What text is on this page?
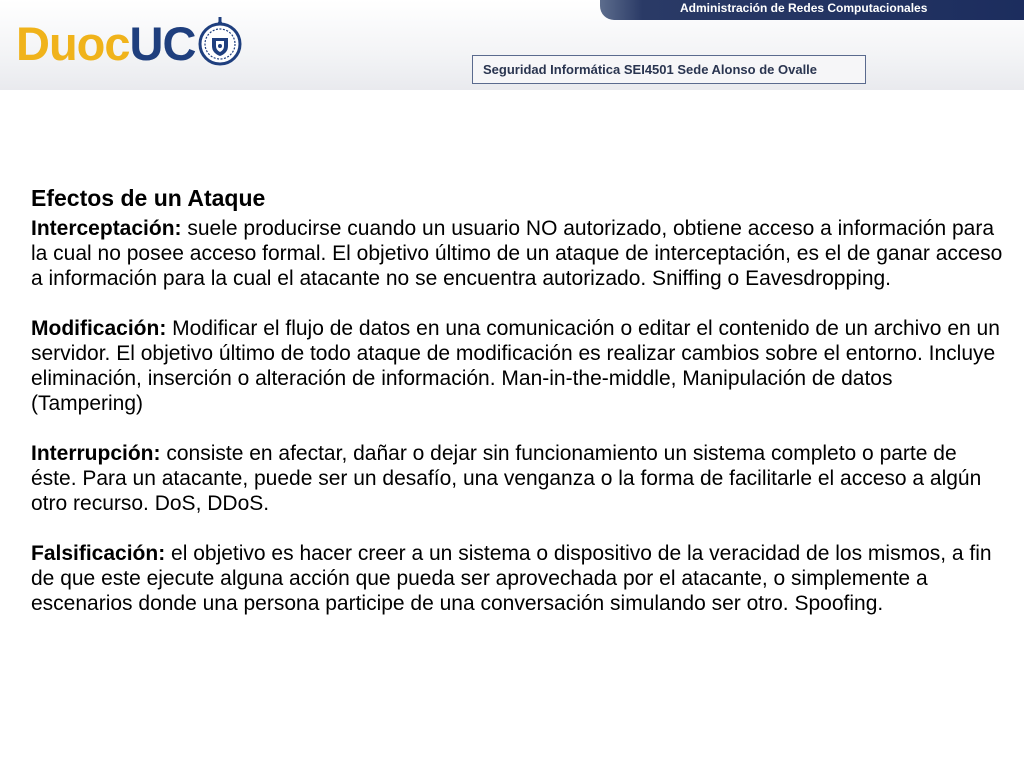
Administración de Redes Computacionales
Duoc UC	Seguridad Informática SEI4501 Sede Alonso de Ovalle
Efectos de un Ataque

Interceptación: suele producirse cuando un usuario NO autorizado, obtiene acceso a información para la cual no posee acceso formal. El objetivo último de un ataque de interceptación, es el de ganar acceso a información para la cual el atacante no se encuentra autorizado. Sniffing o Eavesdropping.

Modificación: Modificar el flujo de datos en una comunicación o editar el contenido de un archivo en un servidor. El objetivo último de todo ataque de modificación es realizar cambios sobre el entorno. Incluye eliminación, inserción o alteración de información. Man-in-the-middle, Manipulación de datos (Tampering)

Interrupción: consiste en afectar, dañar o dejar sin funcionamiento un sistema completo o parte de éste. Para un atacante, puede ser un desafío, una venganza o la forma de facilitarle el acceso a algún otro recurso. DoS, DDoS.

Falsificación: el objetivo es hacer creer a un sistema o dispositivo de la veracidad de los mismos, a fin de que este ejecute alguna acción que pueda ser aprovechada por el atacante, o simplemente a escenarios donde una persona participe de una conversación simulando ser otro. Spoofing.
